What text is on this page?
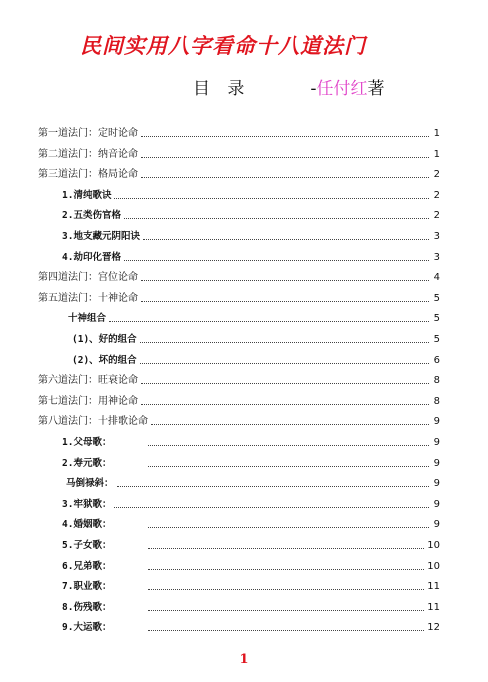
民间实用八字看命十八道法门
目 录	-任付红著
第一道法门：定时论命	1
第二道法门：纳音论命	1
第三道法门：格局论命	2
1.清纯歌诀	2
2.五类伤官格	2
3.地支藏元阴阳诀	3
4.劫印化晋格	3
第四道法门：宫位论命	4
第五道法门：十神论命	5
十神组合	5
(1)、好的组合	5
(2)、坏的组合	6
第六道法门：旺衰论命	8
第七道法门：用神论命	8
第八道法门：十排歌论命	9
1.父母歌：	9
2.寿元歌：	9
马倒禄斜：	9
3.牢狱歌：	9
4.婚姻歌：	9
5.子女歌：	10
6.兄弟歌：	10
7.职业歌：	11
8.伤残歌：	11
9.大运歌：	12
1
